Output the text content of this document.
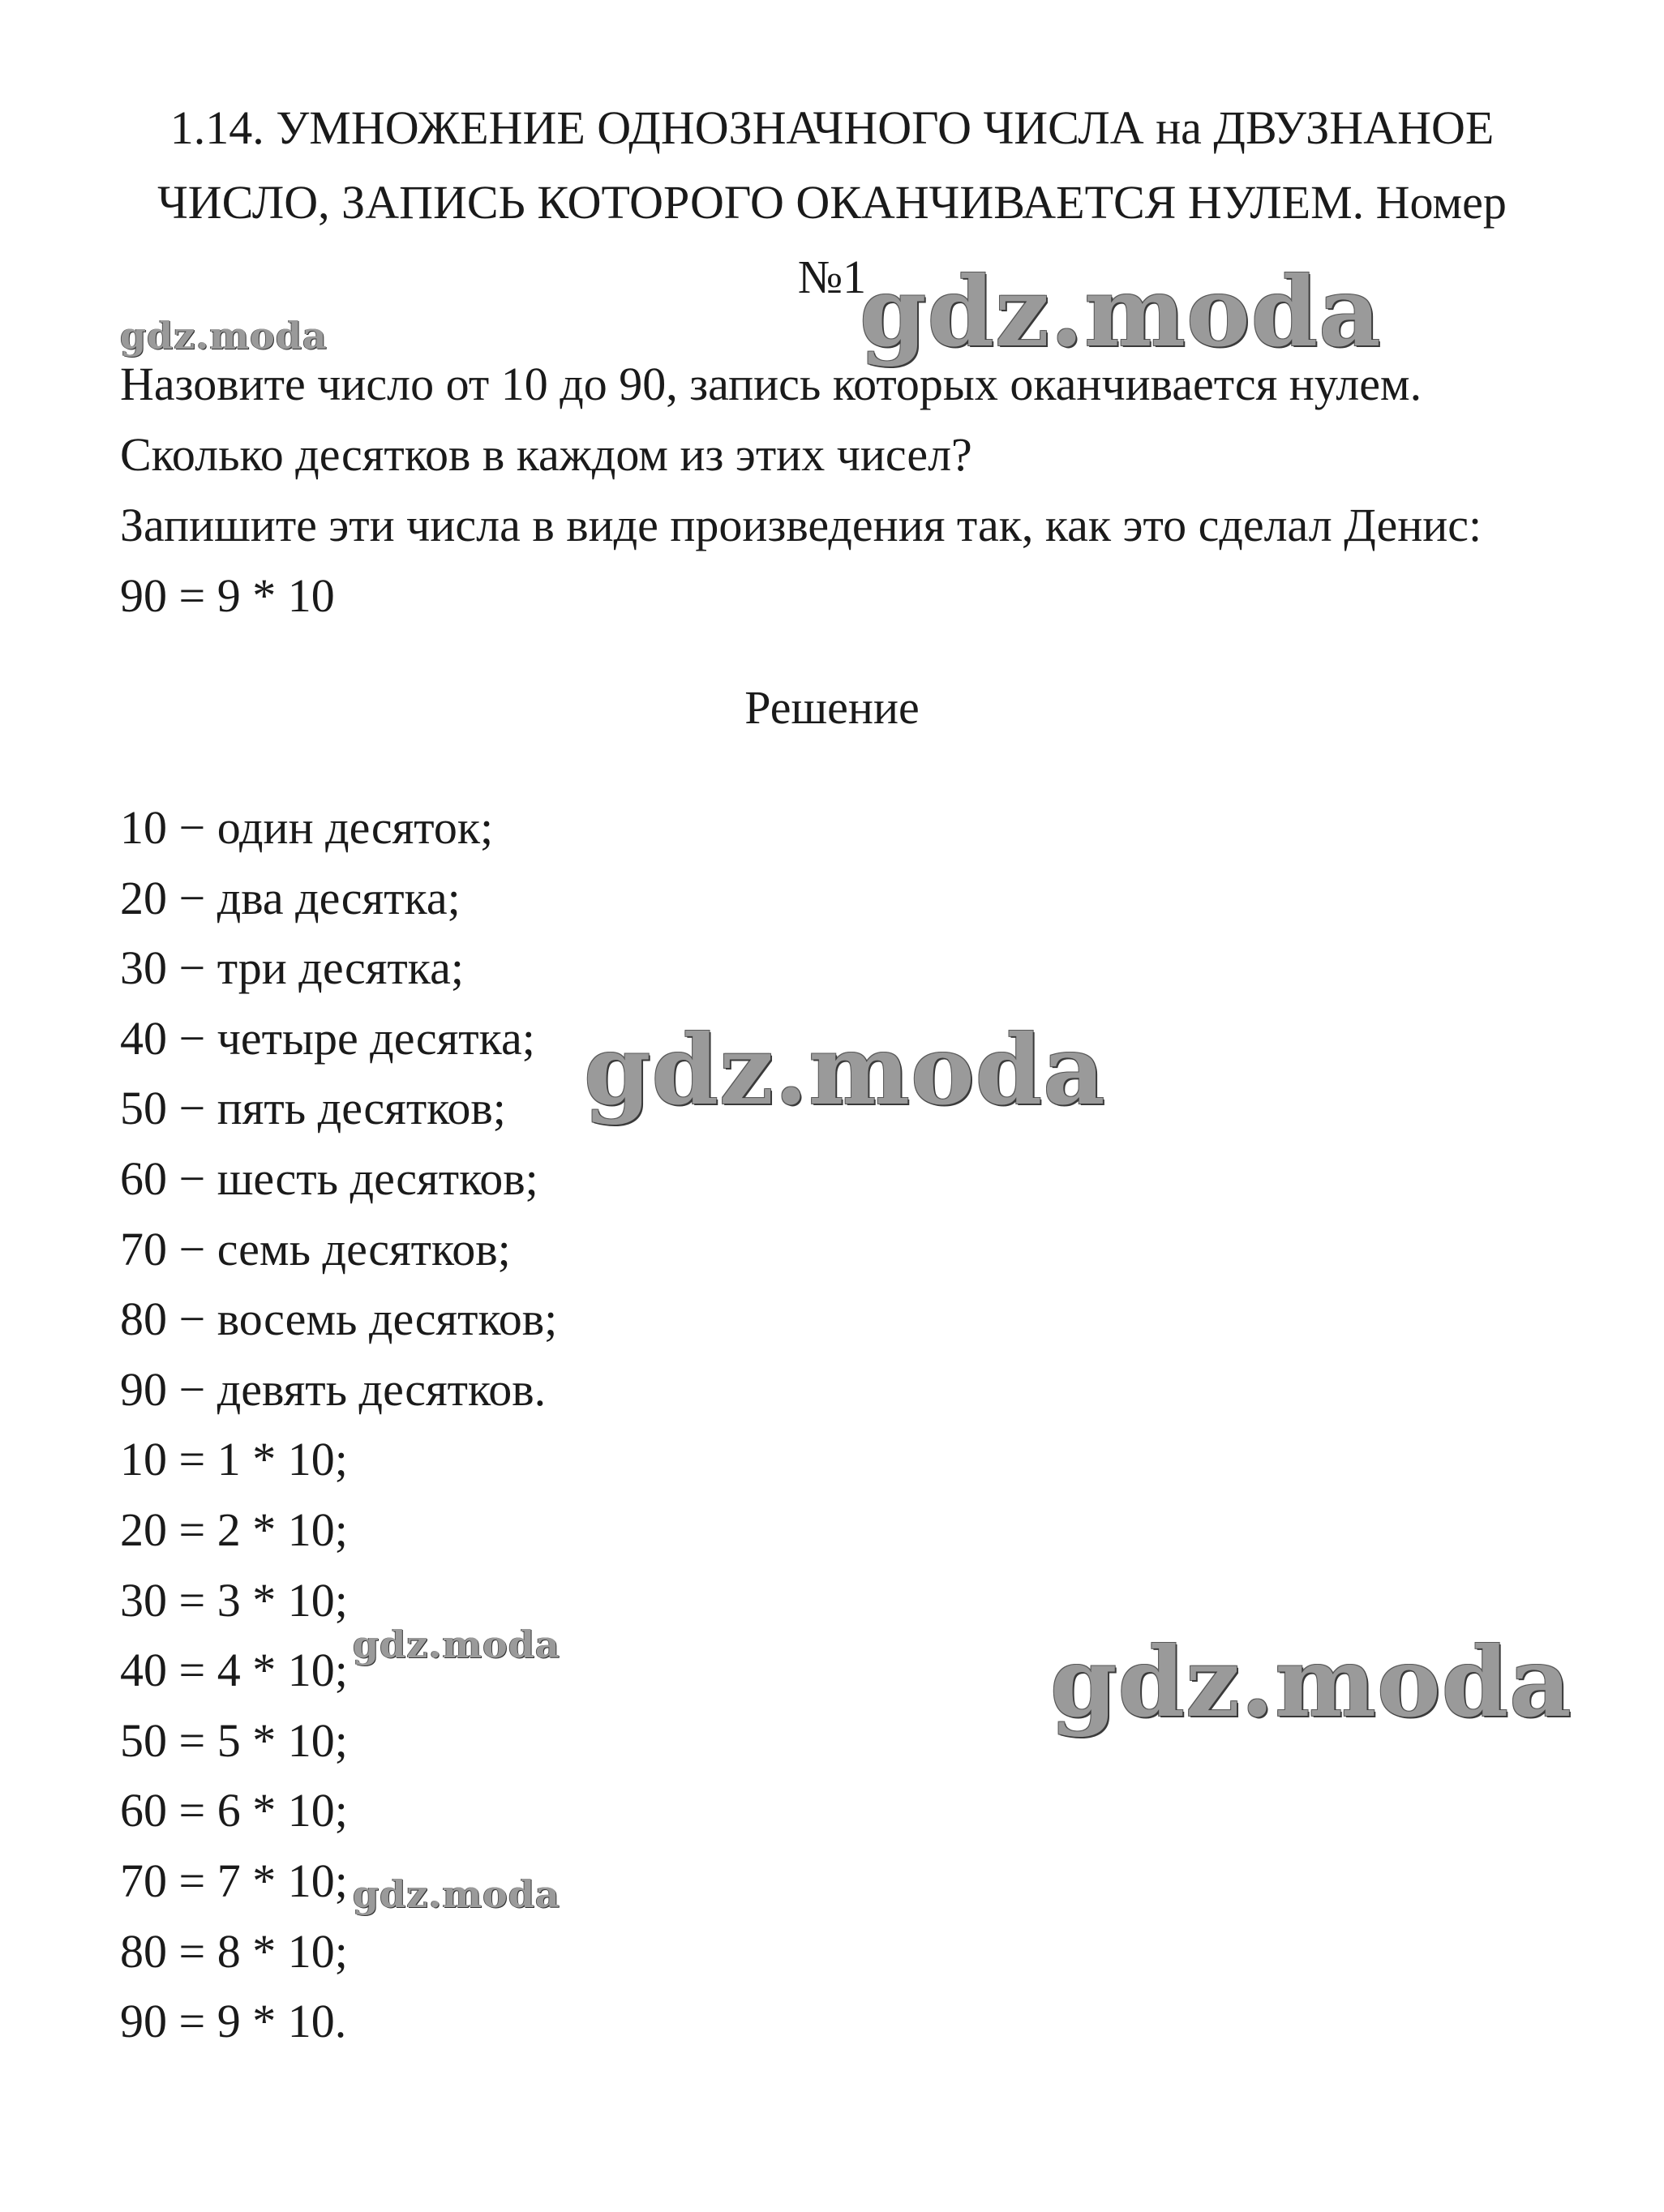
1.14. УМНОЖЕНИЕ ОДНОЗНАЧНОГО ЧИСЛА на ДВУЗНАНОЕ
ЧИСЛО, ЗАПИСЬ КОТОРОГО ОКАНЧИВАЕТСЯ НУЛЕМ. Номер
№1
Назовите число от 10 до 90, запись которых оканчивается нулем.
Сколько десятков в каждом из этих чисел?
Запишите эти числа в виде произведения так, как это сделал Денис:
90 = 9 * 10
Решение
10 − один десяток;
20 − два десятка;
30 − три десятка;
40 − четыре десятка;
50 − пять десятков;
60 − шесть десятков;
70 − семь десятков;
80 − восемь десятков;
90 − девять десятков.
10 = 1 * 10;
20 = 2 * 10;
30 = 3 * 10;
40 = 4 * 10;
50 = 5 * 10;
60 = 6 * 10;
70 = 7 * 10;
80 = 8 * 10;
90 = 9 * 10.
gdz.moda	gdz.moda
gdz.moda
gdz.moda
gdz.moda
gdz.moda
